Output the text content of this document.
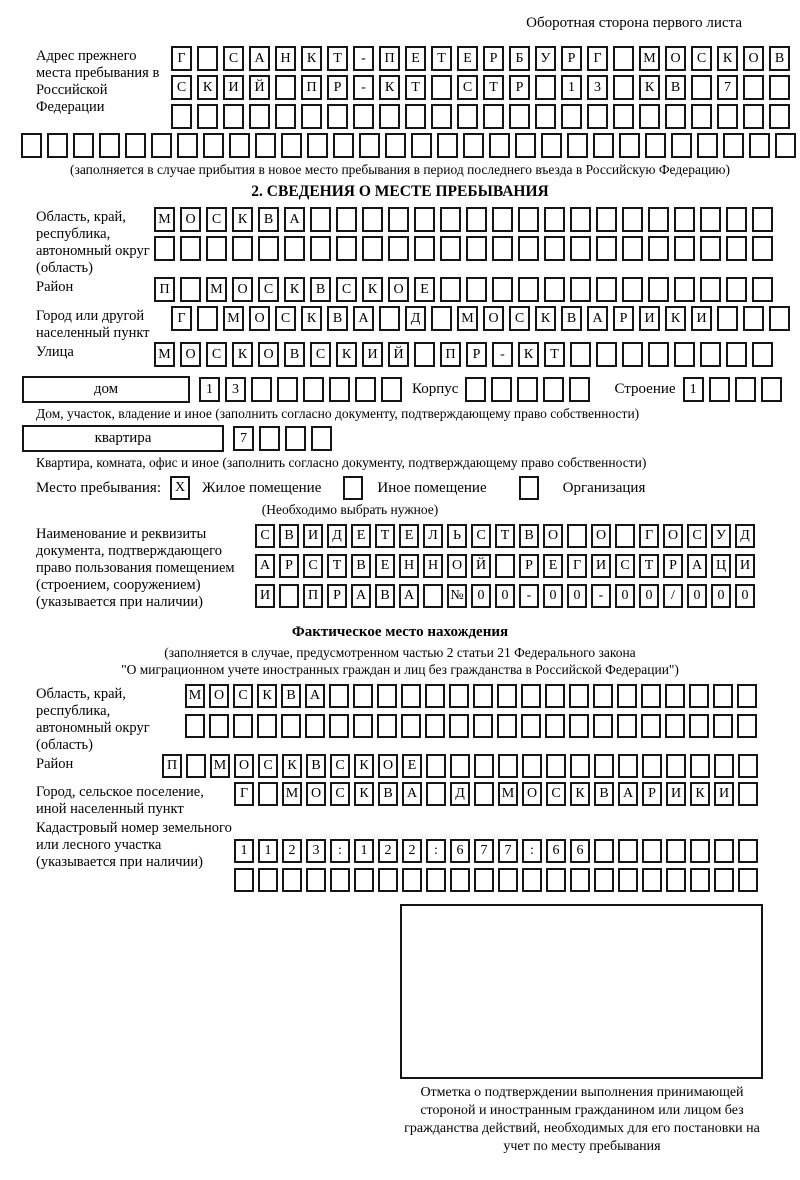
Оборотная сторона первого листа
Адрес прежнего места пребывания в Российской Федерации
Г	С	А	Н	К	Т	-	П	Е	Т	Е	Р	Б	У	Р	Г	М	О	С	К	О	В
С	К	И	Й	П	Р	-	К	Т	С	Т	Р	1	3	К	В	7
(заполняется в случае прибытия в новое место пребывания в период последнего въезда в Российскую Федерацию)
2. СВЕДЕНИЯ О МЕСТЕ ПРЕБЫВАНИЯ
Область, край, республика, автономный округ (область)
М	О	С	К	В	А
Район	П	М	О	С	К	В	С	К	О	Е
Город или другой населенный пункт
Г	М	О	С	К	В	А	Д	М	О	С	К	В	А	Р	И	К	И
Улица	М	О	С	К	О	В	С	К	И	Й	П	Р	-	К	Т
дом	1	3	Корпус	Строение	1
Дом, участок, владение и иное (заполнить согласно документу, подтверждающему право собственности)
квартира	7
Квартира, комната, офис и иное (заполнить согласно документу, подтверждающему право собственности)
Место пребывания: X	Жилое помещение	Иное помещение	Организация
(Необходимо выбрать нужное)
Наименование и реквизиты документа, подтверждающего право пользования помещением (строением, сооружением) (указывается при наличии)
С	В	И	Д	Е	Т	Е	Л	Ь	С	Т	В	О	О	Г	О	С	У	Д
А	Р	С	Т	В	Е	Н Н О Й	Р	Е	Г	И	С	Т	Р	А Ц И
И	П	Р	А	В	А	№ 0	0	-	0	0	-	0	0	/	0	0	0
Фактическое место нахождения
(заполняется в случае, предусмотренном частью 2 статьи 21 Федерального закона
"О миграционном учете иностранных граждан и лиц без гражданства в Российской Федерации")
Область, край, республика, автономный округ (область)
М О	С	К	В	А
Район	П	М О	С	К	В	С	К	О	Е
Город, сельское поселение, иной населенный пункт
Г	М О	С	К	В	А	Д	М О	С	К	В	А	Р	И	К	И
Кадастровый номер земельного или лесного участка (указывается при наличии)
1	1	2	3	:	1	2	2	:	6	7	7	:	6	6
Отметка о подтверждении выполнения принимающей стороной и иностранным гражданином или лицом без гражданства действий, необходимых для его постановки на учет по месту пребывания
